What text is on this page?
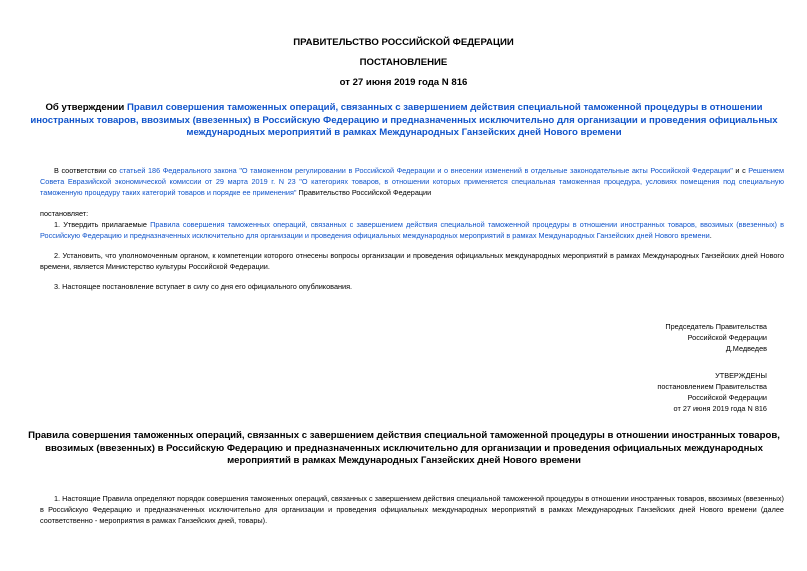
ПРАВИТЕЛЬСТВО РОССИЙСКОЙ ФЕДЕРАЦИИ
ПОСТАНОВЛЕНИЕ
от 27 июня 2019 года N 816
Об утверждении Правил совершения таможенных операций, связанных с завершением действия специальной таможенной процедуры в отношении иностранных товаров, ввозимых (ввезенных) в Российскую Федерацию и предназначенных исключительно для организации и проведения официальных международных мероприятий в рамках Международных Ганзейских дней Нового времени
В соответствии со статьей 186 Федерального закона "О таможенном регулировании в Российской Федерации и о внесении изменений в отдельные законодательные акты Российской Федерации" и с Решением Совета Евразийской экономической комиссии от 29 марта 2019 г. N 23 "О категориях товаров, в отношении которых применяется специальная таможенная процедура, условиях помещения под специальную таможенную процедуру таких категорий товаров и порядке ее применения" Правительство Российской Федерации
постановляет:
1. Утвердить прилагаемые Правила совершения таможенных операций, связанных с завершением действия специальной таможенной процедуры в отношении иностранных товаров, ввозимых (ввезенных) в Российскую Федерацию и предназначенных исключительно для организации и проведения официальных международных мероприятий в рамках Международных Ганзейских дней Нового времени.
2. Установить, что уполномоченным органом, к компетенции которого отнесены вопросы организации и проведения официальных международных мероприятий в рамках Международных Ганзейских дней Нового времени, является Министерство культуры Российской Федерации.
3. Настоящее постановление вступает в силу со дня его официального опубликования.
Председатель Правительства
Российской Федерации
Д.Медведев
УТВЕРЖДЕНЫ
постановлением Правительства
Российской Федерации
от 27 июня 2019 года N 816
Правила совершения таможенных операций, связанных с завершением действия специальной таможенной процедуры в отношении иностранных товаров, ввозимых (ввезенных) в Российскую Федерацию и предназначенных исключительно для организации и проведения официальных международных мероприятий в рамках Международных Ганзейских дней Нового времени
1. Настоящие Правила определяют порядок совершения таможенных операций, связанных с завершением действия специальной таможенной процедуры в отношении иностранных товаров, ввозимых (ввезенных) в Российскую Федерацию и предназначенных исключительно для организации и проведения официальных международных мероприятий в рамках Международных Ганзейских дней Нового времени (далее соответственно - мероприятия в рамках Ганзейских дней, товары).
